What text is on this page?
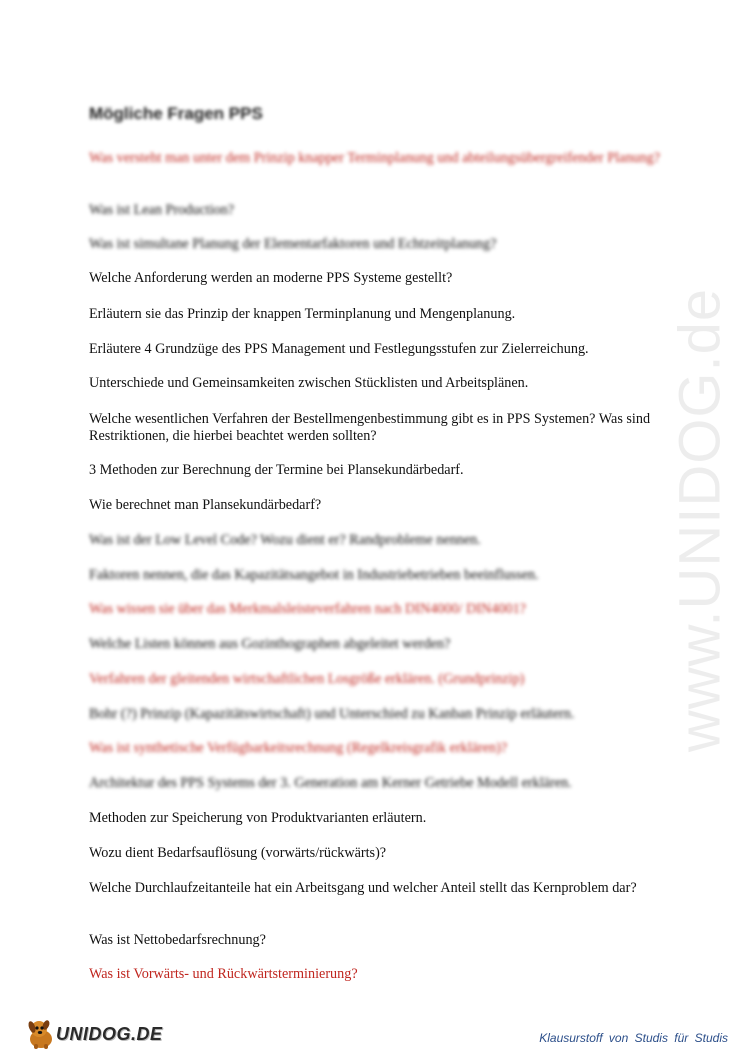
Mögliche Fragen PPS
Was versteht man unter dem Prinzip knapper Terminplanung und abteilungsübergreifender Planung?
Was ist Lean Production?
Was ist simultane Planung der Elementarfaktoren und Echtzeitplanung?
Welche Anforderung werden an moderne PPS Systeme gestellt?
Erläutern sie das Prinzip der knappen Terminplanung und Mengenplanung.
Erläutere 4 Grundzüge des PPS Management und Festlegungsstufen zur Zielerreichung.
Unterschiede und Gemeinsamkeiten zwischen Stücklisten und Arbeitsplänen.
Welche wesentlichen Verfahren der Bestellmengenbestimmung gibt es in PPS Systemen? Was sind Restriktionen, die hierbei beachtet werden sollten?
3 Methoden zur Berechnung der Termine bei Plansekundärbedarf.
Wie berechnet man Plansekundärbedarf?
Was ist der Low Level Code? Wozu dient er? Randprobleme nennen.
Faktoren nennen, die das Kapazitätsangebot in Industriebetrieben beeinflussen.
Was wissen sie über das Merkmalsleisteverfahren nach DIN4000/ DIN4001?
Welche Listen können aus Gozinthographen abgeleitet werden?
Verfahren der gleitenden wirtschaftlichen Losgröße erklären. (Grundprinzip)
Bohr (?) Prinzip (Kapazitätswirtschaft) und Unterschied zu Kanban Prinzip erläutern.
Was ist synthetische Verfügbarkeitsrechnung (Regelkreisgrafik erklären)?
Architektur des PPS Systems der 3. Generation am Kerner Getriebe Modell erklären.
Methoden zur Speicherung von Produktvarianten erläutern.
Wozu dient Bedarfsauflösung (vorwärts/rückwärts)?
Welche Durchlaufzeitanteile hat ein Arbeitsgang und welcher Anteil stellt das Kernproblem dar?
Was ist Nettobedarfsrechnung?
Was ist Vorwärts- und Rückwärtsterminierung?
www.UNIDOG.de
UNIDOG.DE	Klausurstoff von Studis für Studis
